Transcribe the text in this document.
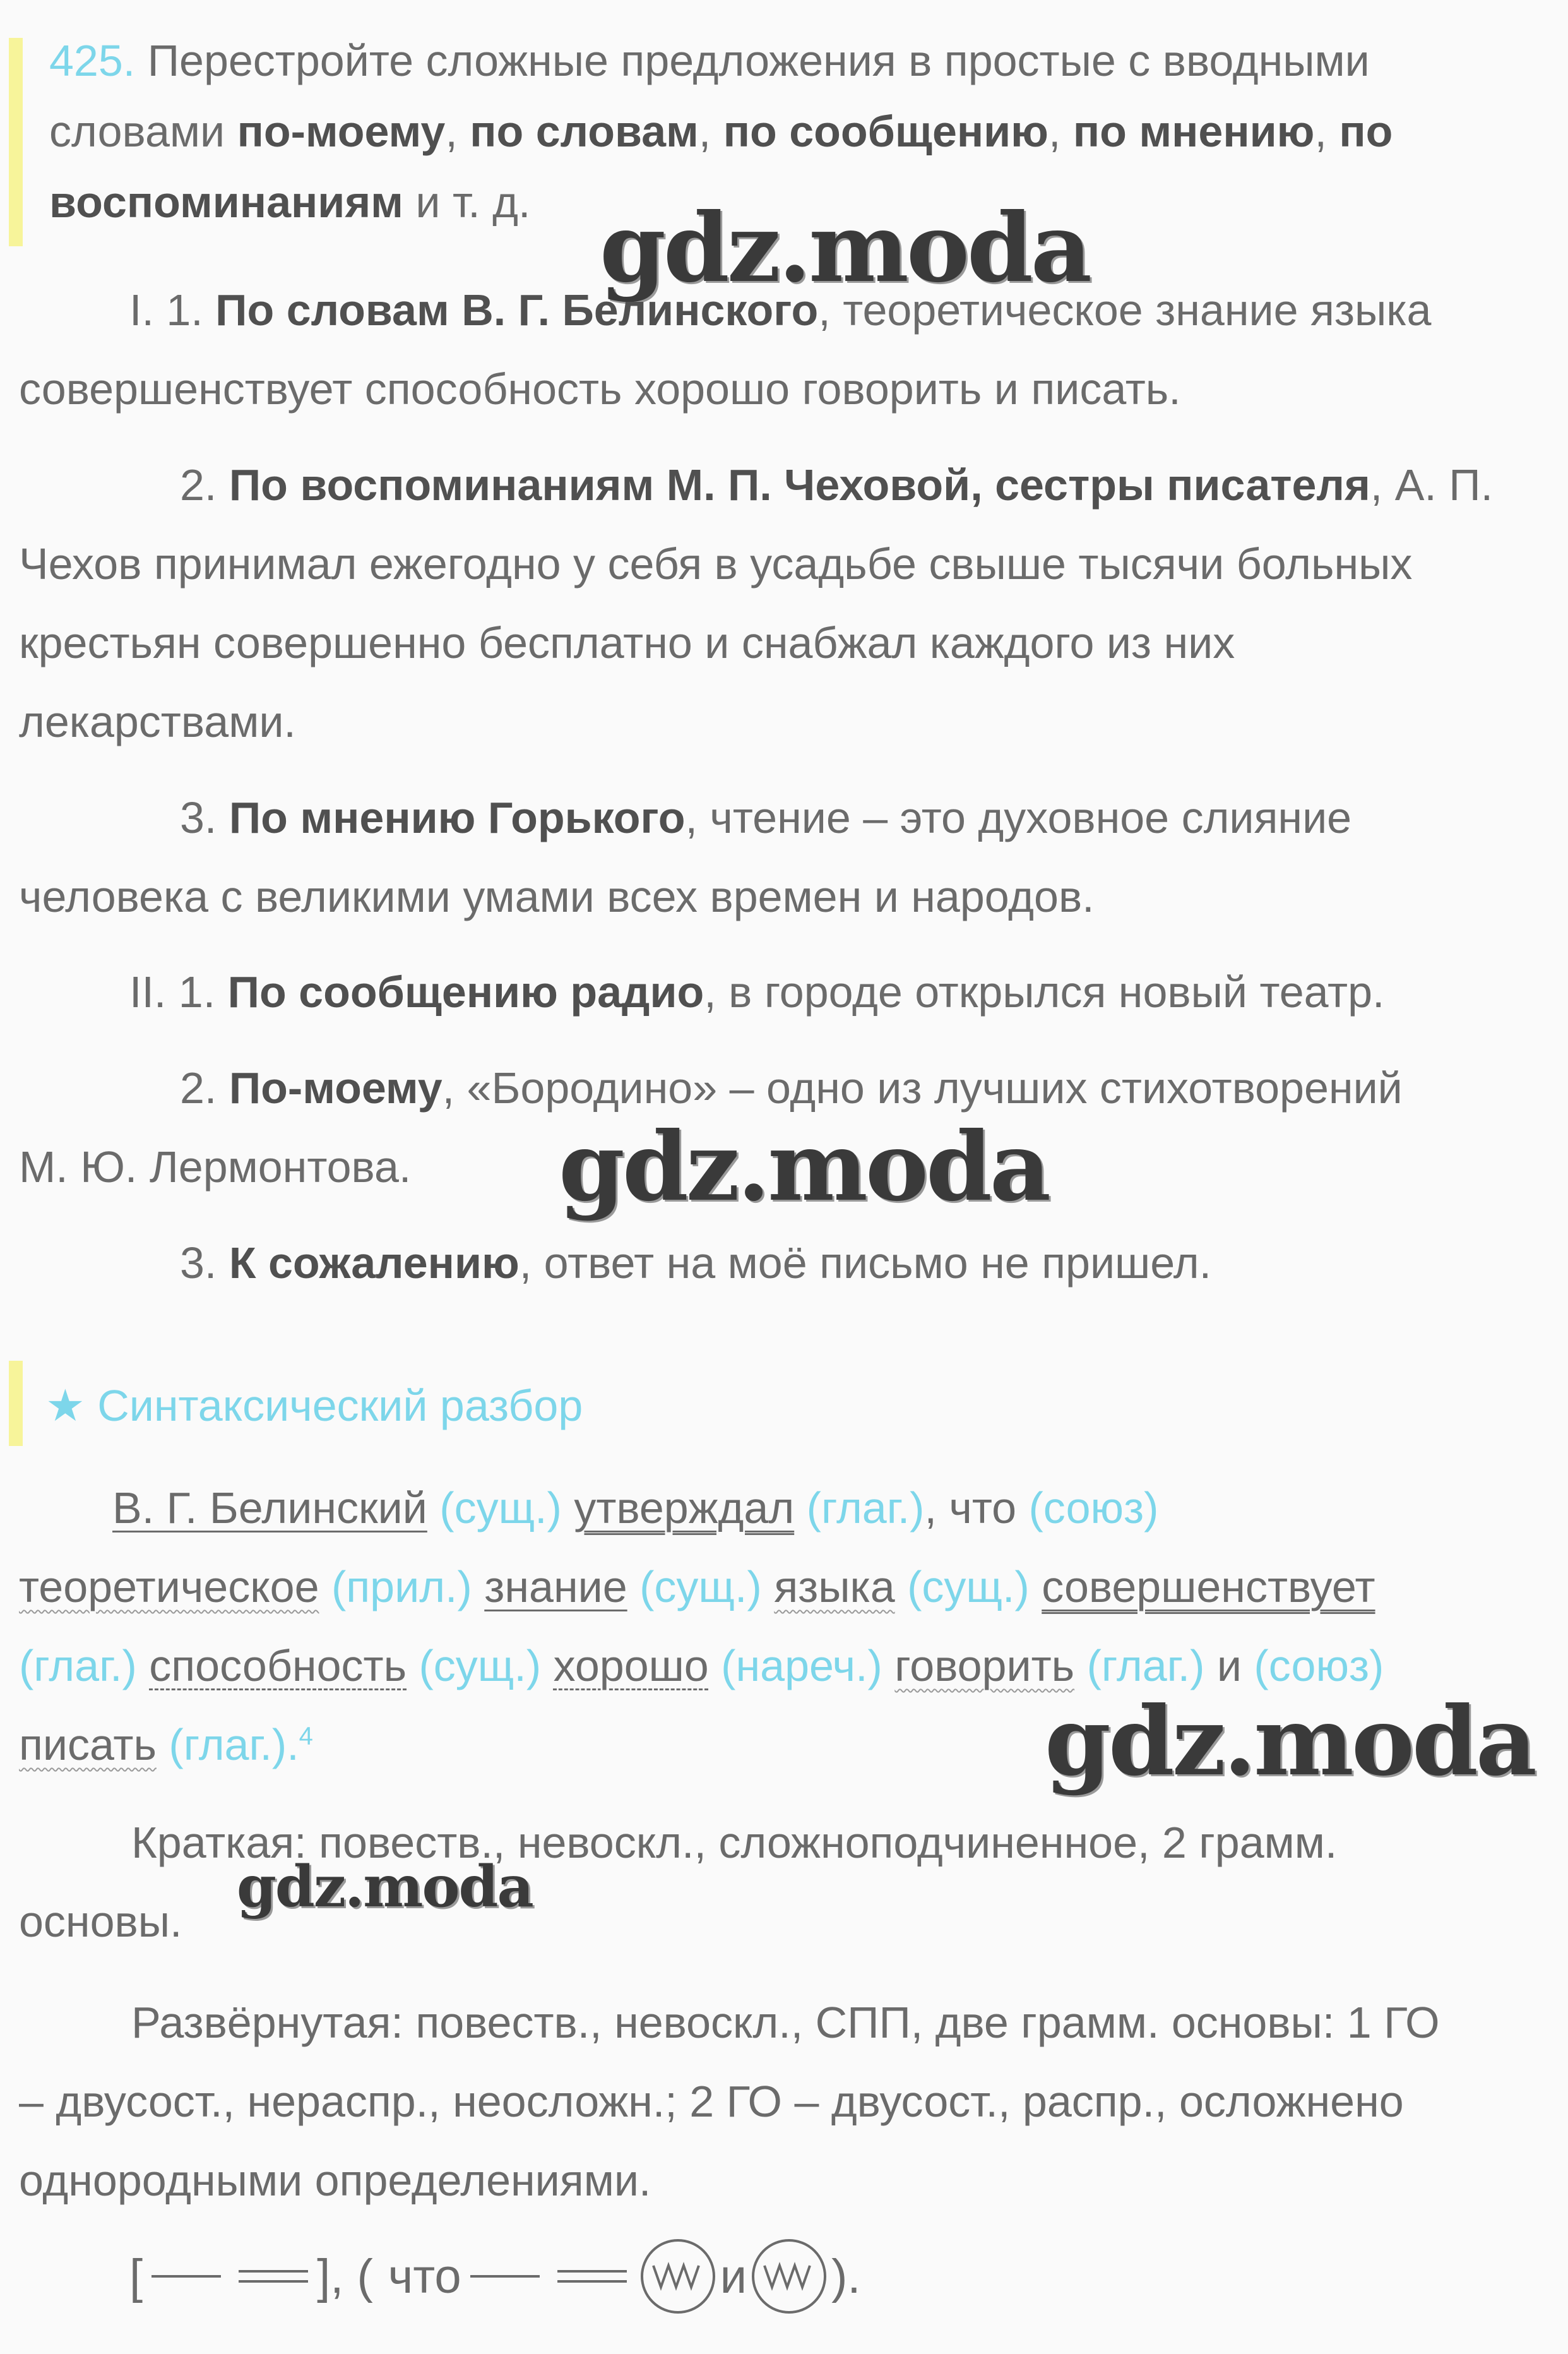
425. Перестройте сложные предложения в простые с вводными словами по-моему, по словам, по сообщению, по мнению, по воспоминаниям и т. д. gdz.moda
gdz.moda
gdz.moda
gdz.moda

I. 1. По словам В. Г. Белинского, теоретическое знание языка

совершенствует способность хорошо говорить и писать.

2. По воспоминаниям М. П. Чеховой, сестры писателя, А. П.

Чехов принимал ежегодно у себя в усадьбе свыше тысячи больных

крестьян совершенно бесплатно и снабжал каждого из них

лекарствами.

3. По мнению Горького, чтение – это духовное слияние

человека с великими умами всех времен и народов.

II. 1. По сообщению радио, в городе открылся новый театр.

2. По-моему, «Бородино» – одно из лучших стихотворений

М. Ю. Лермонтова.

3. К сожалению, ответ на моё письмо не пришел.

★ Синтаксический разбор

В. Г. Белинский (сущ.) утверждал (глаг.), что (союз)

теоретическое (прил.) знание (сущ.) языка (сущ.) совершенствует

(глаг.) способность (сущ.) хорошо (нареч.) говорить (глаг.) и (союз)

писать (глаг.).$^4$

Краткая: повеств., невоскл., сложноподчиненное, 2 грамм.

основы.

Развёрнутая: повеств., невоскл., СПП, две грамм. основы: 1 ГО

– двусост., нераспр., неосложн.; 2 ГО – двусост., распр., осложнено

однородными определениями.

[	], ( что	и ).
